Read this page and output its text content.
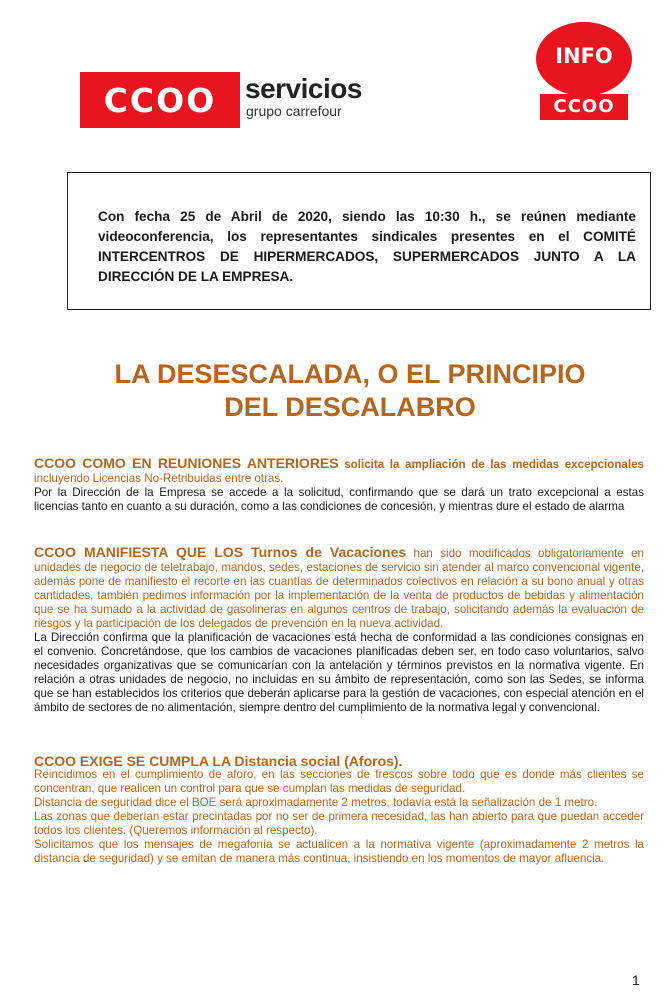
CCOO servicios
grupo carrefour
INFO
CCOO

Con fecha 25 de Abril de 2020, siendo las 10:30 h., se reúnen mediante videoconferencia, los representantes sindicales presentes en el COMITÉ INTERCENTROS DE HIPERMERCADOS, SUPERMERCADOS JUNTO A LA DIRECCIÓN DE LA EMPRESA.

LA DESESCALADA, O EL PRINCIPIO
DEL DESCALABRO

CCOO COMO EN REUNIONES ANTERIORES solicita la ampliación de las medidas excepcionales incluyendo Licencias No-Retribuidas entre otras.

Por la Dirección de la Empresa se accede a la solicitud, confirmando que se dará un trato excepcional a estas licencias tanto en cuanto a su duración, como a las condiciones de concesión, y mientras dure el estado de alarma

CCOO MANIFIESTA QUE LOS Turnos de Vacaciones han sido modificados obligatoriamente en unidades de negocio de teletrabajo, mandos, sedes, estaciones de servicio sin atender al marco convencional vigente, además pone de manifiesto el recorte en las cuantías de determinados colectivos en relación a su bono anual y otras cantidades, también pedimos información por la implementación de la venta de productos de bebidas y alimentación que se ha sumado a la actividad de gasolineras en algunos centros de trabajo, solicitando además la evaluación de riesgos y la participación de los delegados de prevención en la nueva actividad.

La Dirección confirma que la planificación de vacaciones está hecha de conformidad a las condiciones consignas en el convenio. Concretándose, que los cambios de vacaciones planificadas deben ser, en todo caso voluntarios, salvo necesidades organizativas que se comunicarían con la antelación y términos previstos en la normativa vigente. En relación a otras unidades de negocio, no incluidas en su ámbito de representación, como son las Sedes, se informa que se han establecidos los criterios que deberán aplicarse para la gestión de vacaciones, con especial atención en el ámbito de sectores de no alimentación, siempre dentro del cumplimiento de la normativa legal y convencional.

CCOO EXIGE SE CUMPLA LA Distancia social (Aforos).

Reincidimos en el cumplimiento de aforo, en las secciones de frescos sobre todo que es donde más clientes se concentran, que realicen un control para que se cumplan las medidas de seguridad.

Distancia de seguridad dice el BOE será aproximadamente 2 metros, todavía está la señalización de 1 metro.

Las zonas que deberían estar precintadas por no ser de primera necesidad, las han abierto para que puedan acceder todos los clientes. (Queremos información al respecto).

Solicitamos que los mensajes de megafonía se actualicen a la normativa vigente (aproximadamente 2 metros la distancia de seguridad) y se emitan de manera más continua, insistiendo en los momentos de mayor afluencia.

1
